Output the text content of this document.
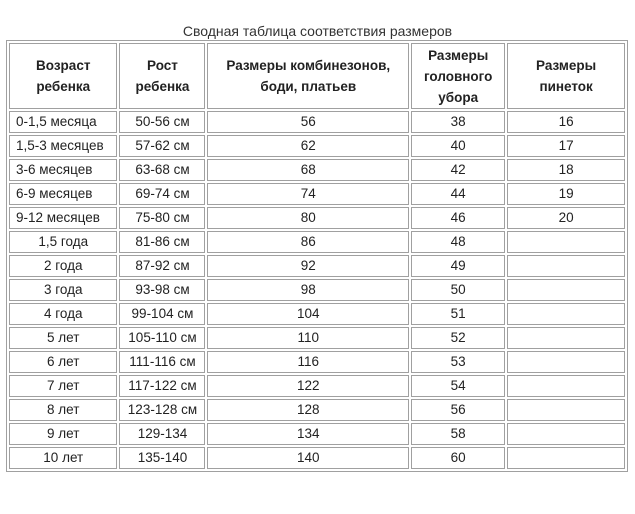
Сводная таблица соответствия размеров
Возраст ребенка	Рост ребенка	Размеры комбинезонов, боди, платьев	Размеры головного убора	Размеры пинеток
0-1,5 месяца	50-56 см	56	38	16
1,5-3 месяцев	57-62 см	62	40	17
3-6 месяцев	63-68 см	68	42	18
6-9 месяцев	69-74 см	74	44	19
9-12 месяцев	75-80 см	80	46	20
1,5 года	81-86 см	86	48	
2 года	87-92 см	92	49	
3 года	93-98 см	98	50	
4 года	99-104 см	104	51	
5 лет	105-110 см	110	52	
6 лет	111-116 см	116	53	
7 лет	117-122 см	122	54	
8 лет	123-128 см	128	56	
9 лет	129-134	134	58	
10 лет	135-140	140	60	
